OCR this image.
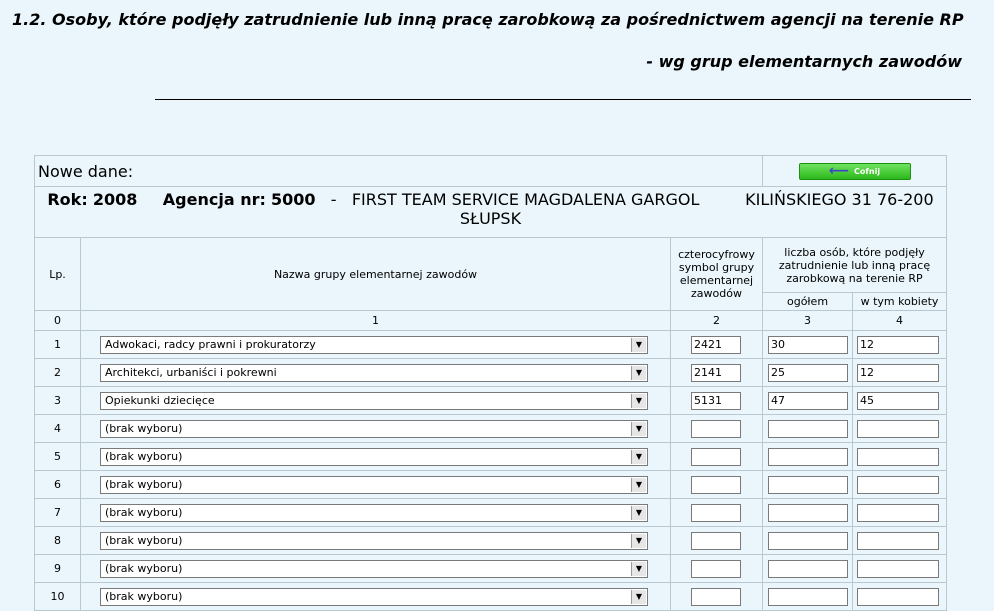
1.2. Osoby, które podjęły zatrudnienie lub inną pracę zarobkową za pośrednictwem agencji na terenie RP
- wg grup elementarnych zawodów
Nowe dane:			⟵ Cofnij	

Rok: 2008 Agencja nr: 5000 - FIRST TEAM SERVICE MAGDALENA GARGOL KILIŃSKIEGO 31 76-200
SŁUPSK				

Lp.	Nazwa grupy elementarnej zawodów	czterocyfrowy symbol grupy elementarnej zawodów	liczba osób, które podjęły zatrudnienie lub inną pracę zarobkową na terenie RP	
			ogółem	w tym kobiety
0	1	2	3	4
1	Adwokaci, radcy prawni i prokuratorzy ▼	2421	30	12

2	Architekci, urbaniści i pokrewni ▼	2141	25	12

3	Opiekunki dziecięce ▼	5131	47	45

4	(brak wyboru) ▼			

5	(brak wyboru) ▼			

6	(brak wyboru) ▼			

7	(brak wyboru) ▼			

8	(brak wyboru) ▼			

9	(brak wyboru) ▼			

10	(brak wyboru) ▼			
